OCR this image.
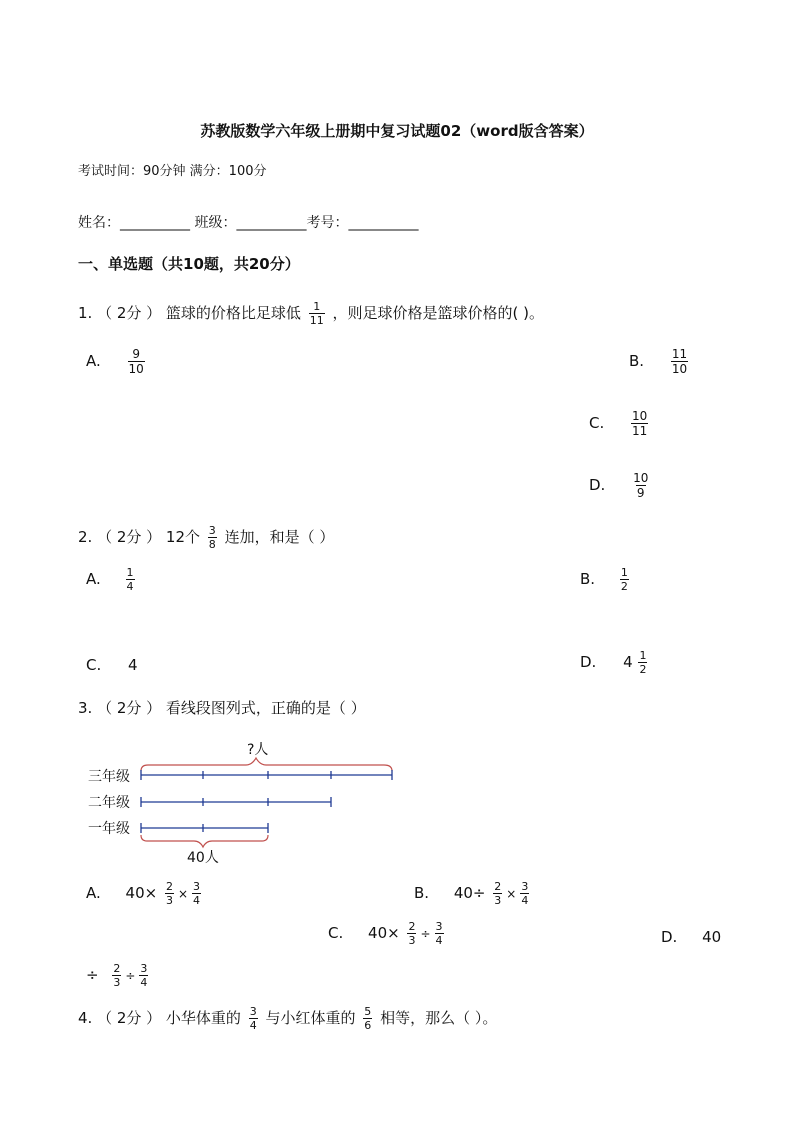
苏教版数学六年级上册期中复习试题02（word版含答案）
考试时间：90分钟 满分：100分
姓名：__________ 班级：__________考号：__________
一、单选题（共10题，共20分）
1. （ 2分 ） 篮球的价格比足球低 $\frac{1}{11}$ ，则足球价格是篮球价格的( )。
A. $\frac{9}{10}$	B. $\frac{11}{10}$
C. $\frac{10}{11}$
D. $\frac{10}{9}$
2. （ 2分 ） 12个 $\frac{3}{8}$ 连加，和是（ ）
A. $\frac{1}{4}$	B. $\frac{1}{2}$
C. 4	D. $4 \frac{1}{2}$
3. （ 2分 ） 看线段图列式，正确的是（ ）
三年级
二年级
一年级
?人
40人
A. $40\times \frac{2}{3} \times \frac{3}{4}$	B. $40\div \frac{2}{3} \times \frac{3}{4}$
C. $40\times \frac{2}{3} \div \frac{3}{4}$	D. 40
÷ $\frac{2}{3} \div \frac{3}{4}$
4. （ 2分 ） 小华体重的 $\frac{3}{4}$ 与小红体重的 $\frac{5}{6}$ 相等，那么（ ）。
